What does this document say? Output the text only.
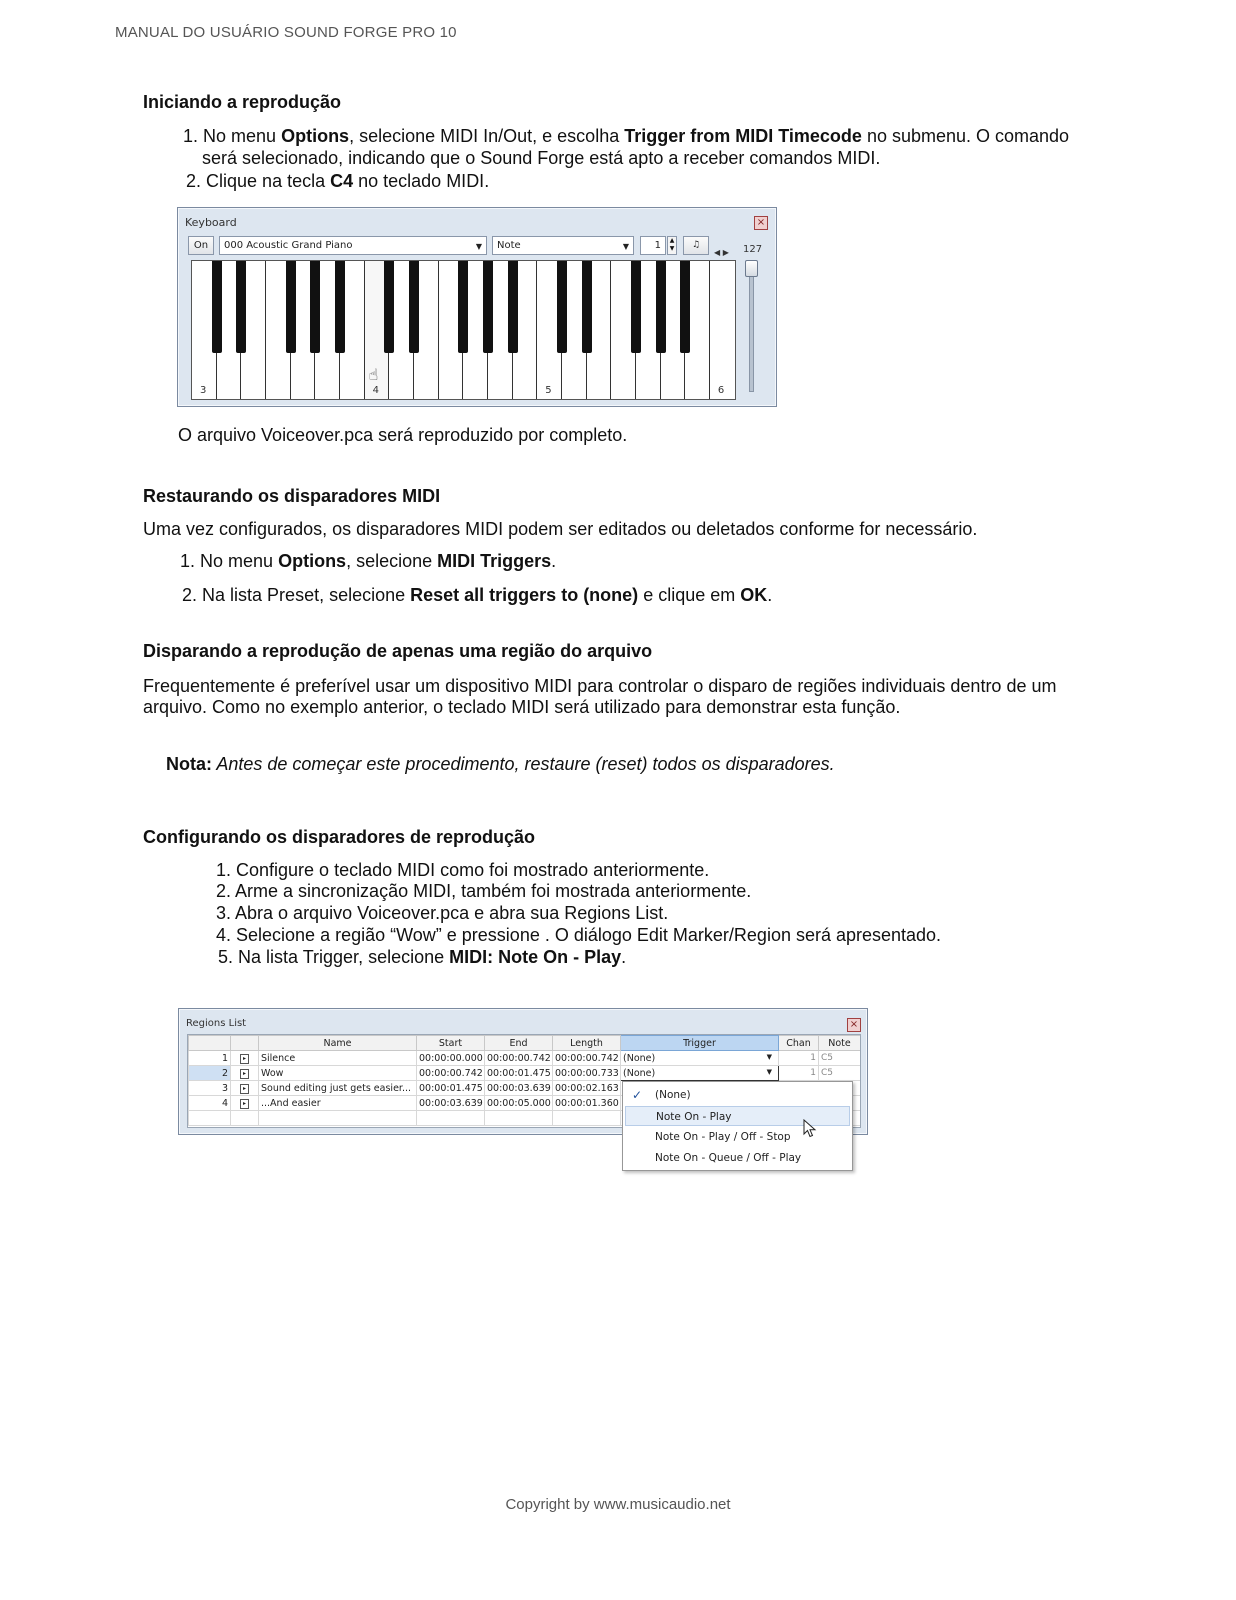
MANUAL DO USUÁRIO SOUND FORGE PRO 10
Iniciando a reprodução
1. No menu Options, selecione MIDI In/Out, e escolha Trigger from MIDI Timecode no submenu. O comando
será selecionado, indicando que o Sound Forge está apto a receber comandos MIDI.
2. Clique na tecla C4 no teclado MIDI.
Keyboard	×
On	000 Acoustic Grand Piano	▼	Note	▼	1	▲
▼	♫
◀ ▶ 127
3	4	5	6
☝
O arquivo Voiceover.pca será reproduzido por completo.
Restaurando os disparadores MIDI
Uma vez configurados, os disparadores MIDI podem ser editados ou deletados conforme for necessário.
1. No menu Options, selecione MIDI Triggers.
2. Na lista Preset, selecione Reset all triggers to (none) e clique em OK.
Disparando a reprodução de apenas uma região do arquivo
Frequentemente é preferível usar um dispositivo MIDI para controlar o disparo de regiões individuais dentro de um
arquivo. Como no exemplo anterior, o teclado MIDI será utilizado para demonstrar esta função.
Nota: Antes de começar este procedimento, restaure (reset) todos os disparadores.
Configurando os disparadores de reprodução
1. Configure o teclado MIDI como foi mostrado anteriormente.
2. Arme a sincronização MIDI, também foi mostrada anteriormente.
3. Abra o arquivo Voiceover.pca e abra sua Regions List.
4. Selecione a região “Wow” e pressione . O diálogo Edit Marker/Region será apresentado.
5. Na lista Trigger, selecione MIDI: Note On - Play.
Regions List	×
		Name	Start	End	Length	Trigger	Chan	Note
1	▸	Silence	00:00:00.000	00:00:00.742	00:00:00.742	(None) ▼	1	C5
2	▸	Wow	00:00:00.742	00:00:01.475	00:00:00.733	(None) ▼	1	C5
3	▸	Sound editing just gets easier...	00:00:01.475	00:00:03.639	00:00:02.163			
4	▸	...And easier	00:00:03.639	00:00:05.000	00:00:01.360			

✓ (None)
Note On - Play
Note On - Play / Off - Stop
Note On - Queue / Off - Play
Copyright by www.musicaudio.net
